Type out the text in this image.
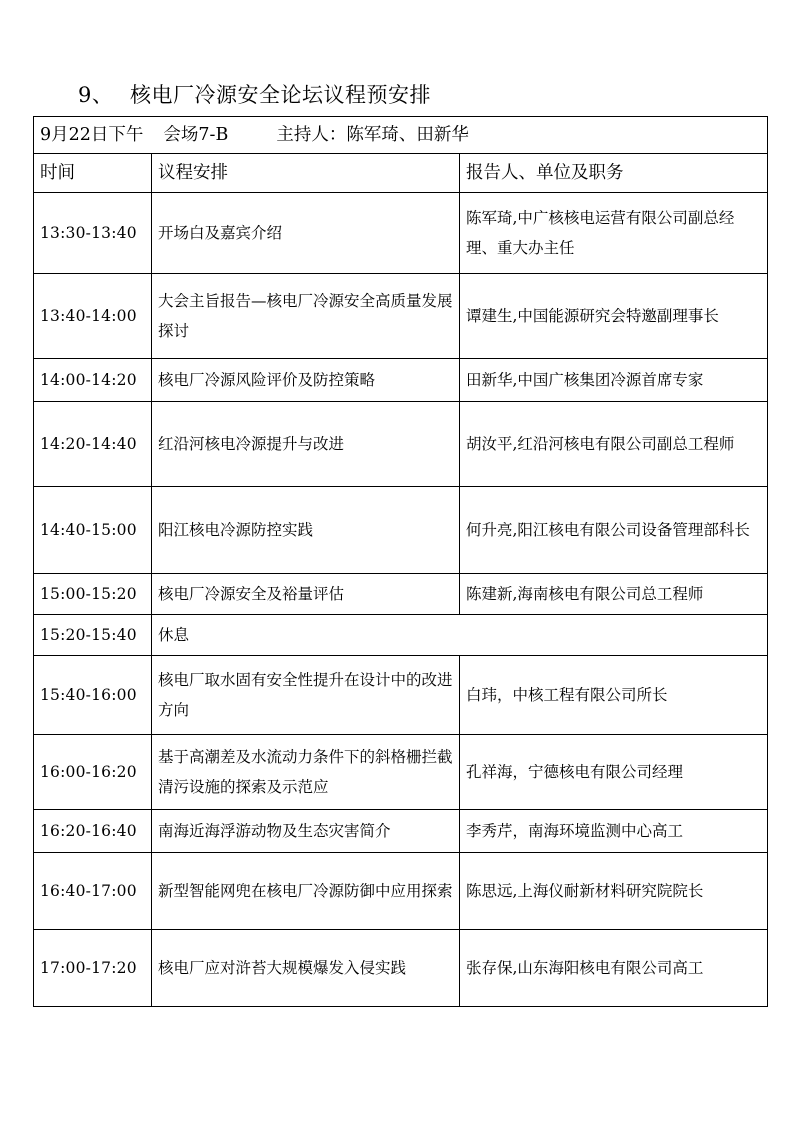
9、 核电厂冷源安全论坛议程预安排
9月22日下午 会场7-B 主持人：陈军琦、田新华		
时间	议程安排	报告人、单位及职务
13:30-13:40	开场白及嘉宾介绍	陈军琦,中广核核电运营有限公司副总经理、重大办主任
13:40-14:00	大会主旨报告—核电厂冷源安全高质量发展探讨	谭建生,中国能源研究会特邀副理事长
14:00-14:20	核电厂冷源风险评价及防控策略	田新华,中国广核集团冷源首席专家
14:20-14:40	红沿河核电冷源提升与改进	胡汝平,红沿河核电有限公司副总工程师
14:40-15:00	阳江核电冷源防控实践	何升亮,阳江核电有限公司设备管理部科长
15:00-15:20	核电厂冷源安全及裕量评估	陈建新,海南核电有限公司总工程师
15:20-15:40	休息	
15:40-16:00	核电厂取水固有安全性提升在设计中的改进方向	白玮，中核工程有限公司所长
16:00-16:20	基于高潮差及水流动力条件下的斜格栅拦截清污设施的探索及示范应	孔祥海，宁德核电有限公司经理
16:20-16:40	南海近海浮游动物及生态灾害简介	李秀芹，南海环境监测中心高工
16:40-17:00	新型智能网兜在核电厂冷源防御中应用探索	陈思远,上海仪耐新材料研究院院长
17:00-17:20	核电厂应对浒苔大规模爆发入侵实践	张存保,山东海阳核电有限公司高工
